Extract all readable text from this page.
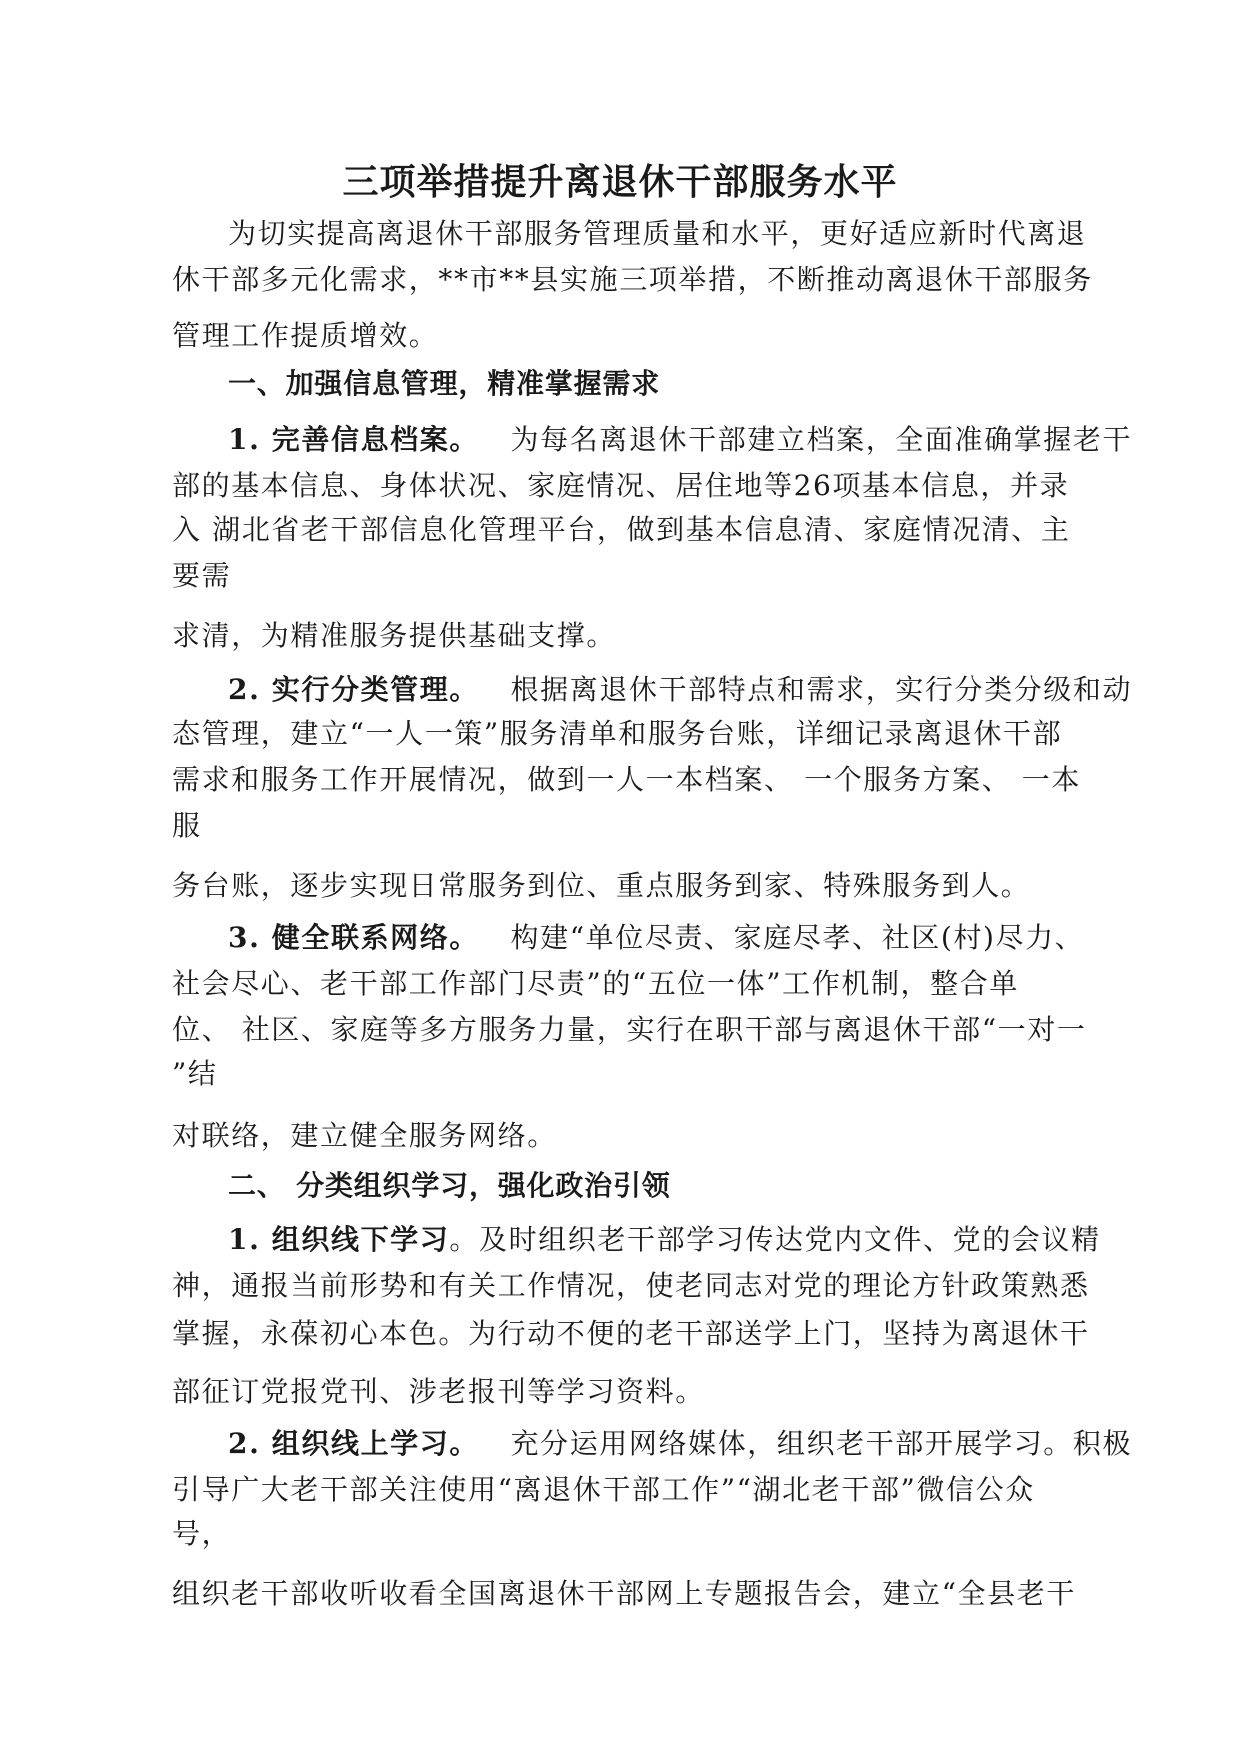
三项举措提升离退休干部服务水平
为切实提高离退休干部服务管理质量和水平，更好适应新时代离退
休干部多元化需求，**市**县实施三项举措，不断推动离退休干部服务
管理工作提质增效。
一、加强信息管理，精准掌握需求
1. 完善信息档案。 为每名离退休干部建立档案，全面准确掌握老干
部的基本信息、身体状况、家庭情况、居住地等26项基本信息，并录
入 湖北省老干部信息化管理平台，做到基本信息清、家庭情况清、主
要需
求清，为精准服务提供基础支撑。
2. 实行分类管理。 根据离退休干部特点和需求，实行分类分级和动
态管理，建立“一人一策”服务清单和服务台账，详细记录离退休干部
需求和服务工作开展情况，做到一人一本档案、 一个服务方案、 一本
服
务台账，逐步实现日常服务到位、重点服务到家、特殊服务到人。
3. 健全联系网络。 构建“单位尽责、家庭尽孝、社区(村)尽力、
社会尽心、老干部工作部门尽责”的“五位一体”工作机制，整合单
位、 社区、家庭等多方服务力量，实行在职干部与离退休干部“一对一
”结
对联络，建立健全服务网络。
二、 分类组织学习，强化政治引领
1. 组织线下学习。及时组织老干部学习传达党内文件、党的会议精
神，通报当前形势和有关工作情况，使老同志对党的理论方针政策熟悉
掌握，永葆初心本色。为行动不便的老干部送学上门，坚持为离退休干
部征订党报党刊、涉老报刊等学习资料。
2. 组织线上学习。 充分运用网络媒体，组织老干部开展学习。积极
引导广大老干部关注使用“离退休干部工作”“湖北老干部”微信公众
号，
组织老干部收听收看全国离退休干部网上专题报告会，建立“全县老干
